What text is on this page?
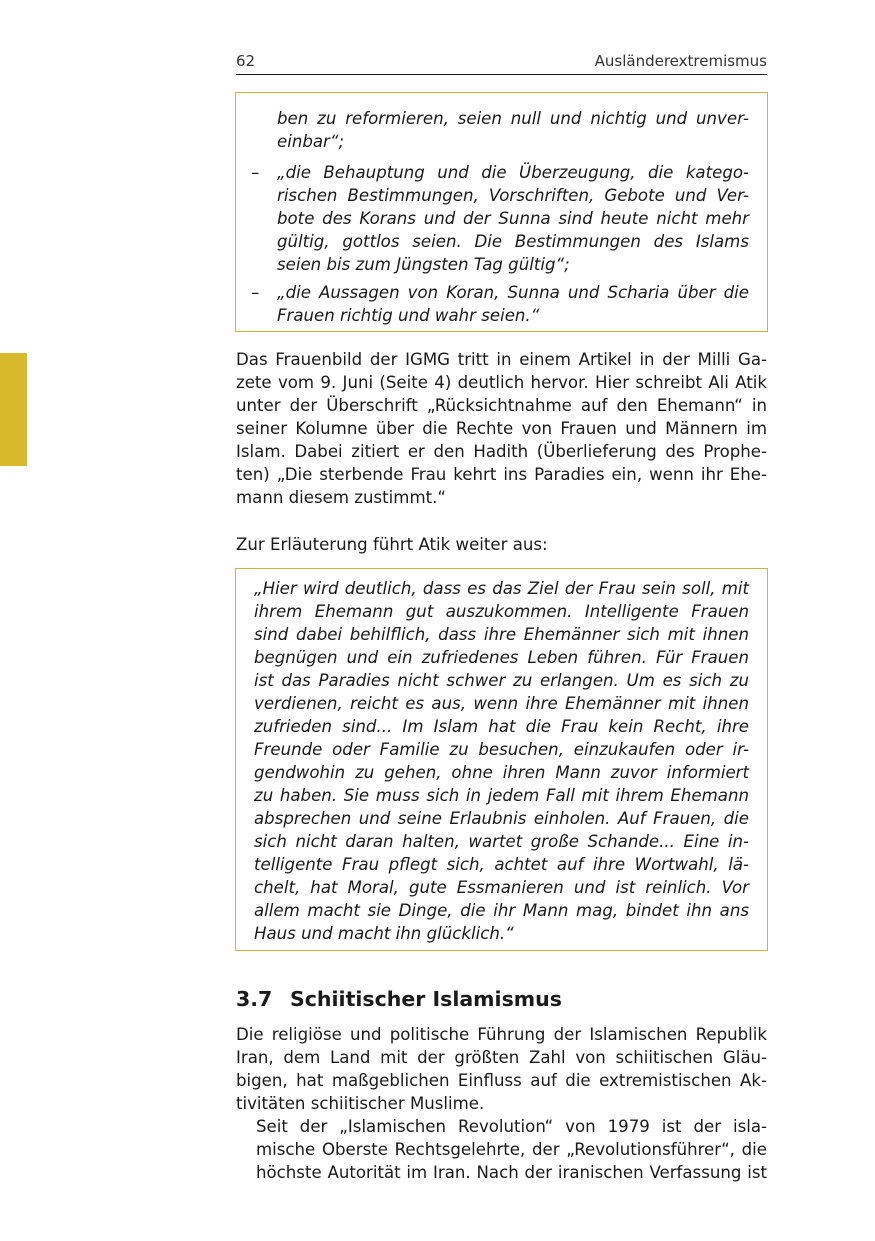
62	Ausländerextremismus

ben zu reformieren, seien null und nichtig und unver-
einbar“;

– „die Behauptung und die Überzeugung, die katego-
rischen Bestimmungen, Vorschriften, Gebote und Ver-
bote des Korans und der Sunna sind heute nicht mehr
gültig, gottlos seien. Die Bestimmungen des Islams
seien bis zum Jüngsten Tag gültig“;

– „die Aussagen von Koran, Sunna und Scharia über die
Frauen richtig und wahr seien.“

Das Frauenbild der IGMG tritt in einem Artikel in der Milli Ga-
zete vom 9. Juni (Seite 4) deutlich hervor. Hier schreibt Ali Atik
unter der Überschrift „Rücksichtnahme auf den Ehemann“ in
seiner Kolumne über die Rechte von Frauen und Männern im
Islam. Dabei zitiert er den Hadith (Überlieferung des Prophe-
ten) „Die sterbende Frau kehrt ins Paradies ein, wenn ihr Ehe-
mann diesem zustimmt.“

Zur Erläuterung führt Atik weiter aus:

„Hier wird deutlich, dass es das Ziel der Frau sein soll, mit
ihrem Ehemann gut auszukommen. Intelligente Frauen
sind dabei behilflich, dass ihre Ehemänner sich mit ihnen
begnügen und ein zufriedenes Leben führen. Für Frauen
ist das Paradies nicht schwer zu erlangen. Um es sich zu
verdienen, reicht es aus, wenn ihre Ehemänner mit ihnen
zufrieden sind... Im Islam hat die Frau kein Recht, ihre
Freunde oder Familie zu besuchen, einzukaufen oder ir-
gendwohin zu gehen, ohne ihren Mann zuvor informiert
zu haben. Sie muss sich in jedem Fall mit ihrem Ehemann
absprechen und seine Erlaubnis einholen. Auf Frauen, die
sich nicht daran halten, wartet große Schande... Eine in-
telligente Frau pflegt sich, achtet auf ihre Wortwahl, lä-
chelt, hat Moral, gute Essmanieren und ist reinlich. Vor
allem macht sie Dinge, die ihr Mann mag, bindet ihn ans
Haus und macht ihn glücklich.“

3.7 Schiitischer Islamismus

Die religiöse und politische Führung der Islamischen Republik
Iran, dem Land mit der größten Zahl von schiitischen Gläu-
bigen, hat maßgeblichen Einfluss auf die extremistischen Ak-
tivitäten schiitischer Muslime.

Seit der „Islamischen Revolution“ von 1979 ist der isla-
mische Oberste Rechtsgelehrte, der „Revolutionsführer“, die
höchste Autorität im Iran. Nach der iranischen Verfassung ist
